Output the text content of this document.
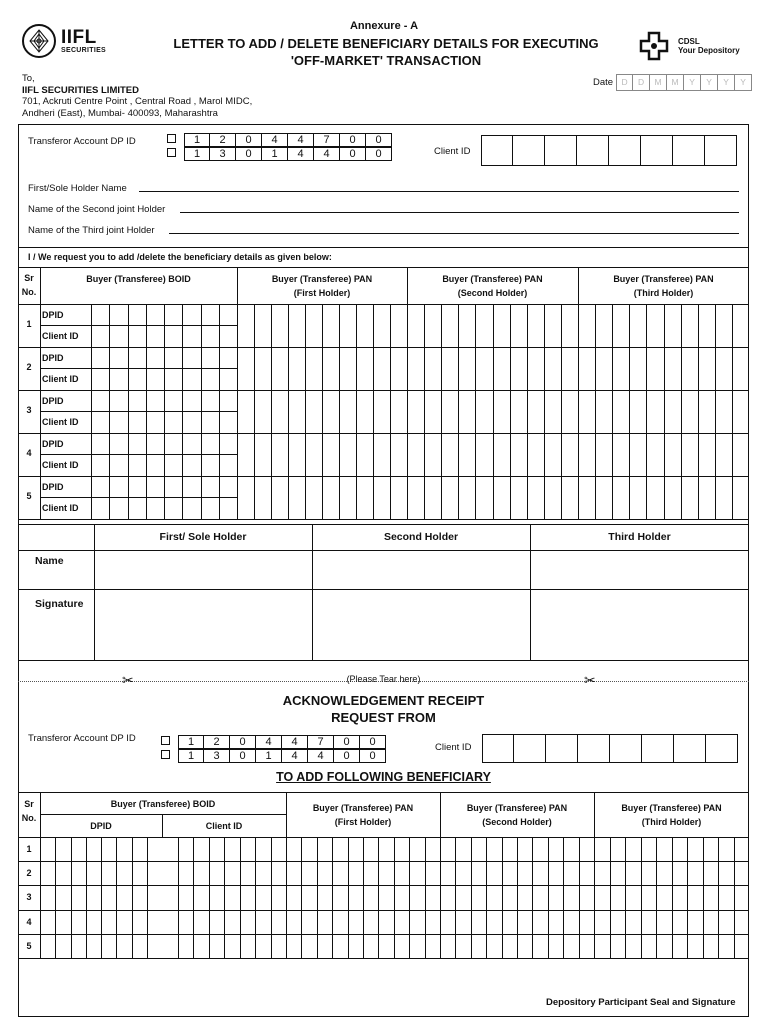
IIFL
SECURITIES
Annexure - A
LETTER TO ADD / DELETE BENEFICIARY DETAILS FOR EXECUTING
'OFF-MARKET' TRANSACTION
CDSL
Your Depository
To,
IIFL SECURITIES LIMITED
701, Ackruti Centre Point , Central Road , Marol MIDC,
Andheri (East), Mumbai- 400093, Maharashtra
Date D	D	M	M	Y	Y	Y	Y
Transferor Account DP ID	1	2	0	4	4	7	0	0
1	3	0	1	4	4	0	0	Client ID
First/Sole Holder Name
Name of the Second joint Holder
Name of the Third joint Holder
I / We request you to add /delete the beneficiary details as given below:
Sr
No.
Buyer (Transferee) BOID	Buyer (Transferee) PAN
(First Holder)
Buyer (Transferee) PAN
(Second Holder)
Buyer (Transferee) PAN
(Third Holder)
1
DPID
Client ID
2
DPID
Client ID
3
DPID
Client ID
4
DPID
Client ID
5
DPID
Client ID
First/ Sole Holder	Second Holder	Third Holder
Name
Signature
✂	✂
(Please Tear here)
ACKNOWLEDGEMENT RECEIPT
REQUEST FROM
Transferor Account DP ID	1	2	0	4	4	7	0	0
1	3	0	1	4	4	0	0
Client ID
TO ADD FOLLOWING BENEFICIARY
Sr
No.
Buyer (Transferee) BOID
DPID	Client ID
Buyer (Transferee) PAN
(First Holder)
Buyer (Transferee) PAN
(Second Holder)
Buyer (Transferee) PAN
(Third Holder)
1
2
3
4
5
Depository Participant Seal and Signature
